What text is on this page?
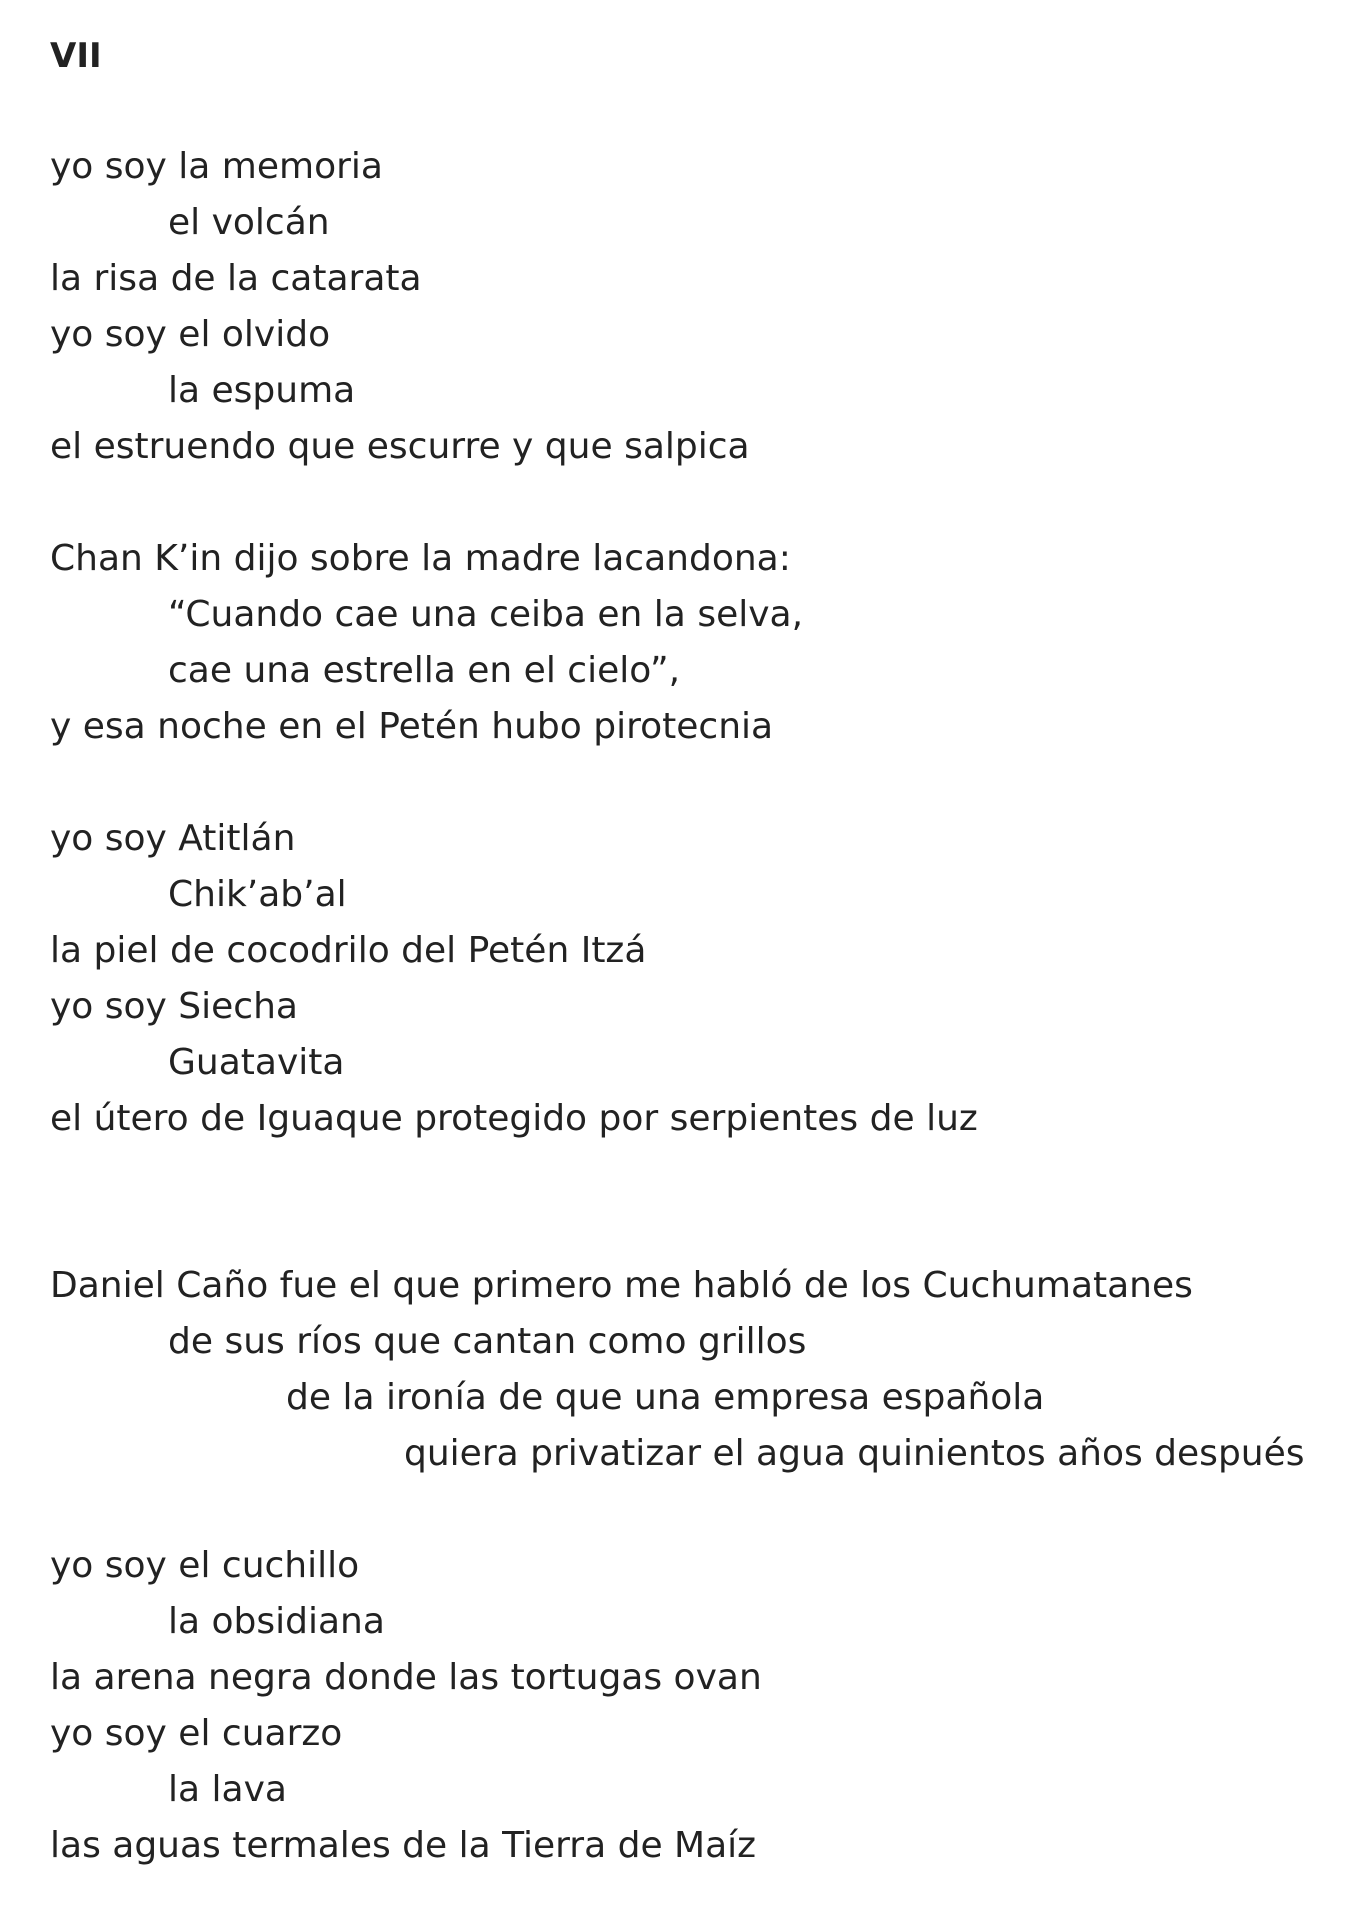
VII

yo soy la memoria

el volcán

la risa de la catarata

yo soy el olvido

la espuma

el estruendo que escurre y que salpica

Chan K’in dijo sobre la madre lacandona:

“Cuando cae una ceiba en la selva,

cae una estrella en el cielo”,

y esa noche en el Petén hubo pirotecnia

yo soy Atitlán

Chik’ab’al

la piel de cocodrilo del Petén Itzá

yo soy Siecha

Guatavita

el útero de Iguaque protegido por serpientes de luz

Daniel Caño fue el que primero me habló de los Cuchumatanes

de sus ríos que cantan como grillos

de la ironía de que una empresa española

quiera privatizar el agua quinientos años después

yo soy el cuchillo

la obsidiana

la arena negra donde las tortugas ovan

yo soy el cuarzo

la lava

las aguas termales de la Tierra de Maíz
